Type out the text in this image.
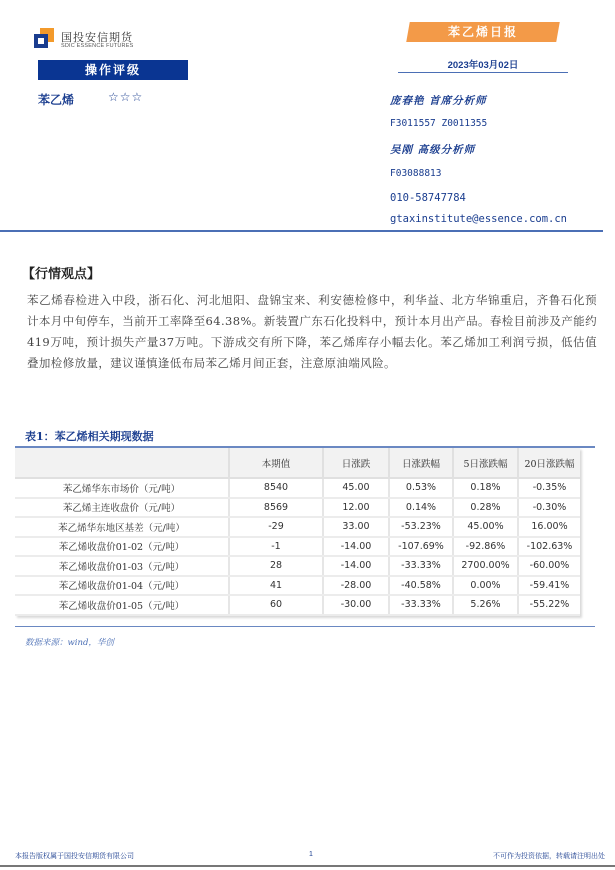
国投安信期货
SDIC ESSENCE FUTURES
操作评级
苯乙烯	☆☆☆
苯乙烯日报
2023年03月02日
庞春艳 首席分析师
F3011557 Z0011355
吴刚 高级分析师
F03088813
010-58747784
gtaxinstitute@essence.com.cn
【行情观点】
苯乙烯春检进入中段，浙石化、河北旭阳、盘锦宝来、利安德检修中，利华益、北方华锦重启，齐鲁石化预计本月中旬停车，当前开工率降至64.38%。新装置广东石化投料中，预计本月出产品。春检目前涉及产能约419万吨，预计损失产量37万吨。下游成交有所下降，苯乙烯库存小幅去化。苯乙烯加工利润亏损，低估值叠加检修放量，建议谨慎逢低布局苯乙烯月间正套，注意原油端风险。
表1：苯乙烯相关期现数据
	本期值	日涨跌	日涨跌幅	5日涨跌幅	20日涨跌幅
苯乙烯华东市场价（元/吨）	8540	45.00	0.53%	0.18%	-0.35%
苯乙烯主连收盘价（元/吨）	8569	12.00	0.14%	0.28%	-0.30%
苯乙烯华东地区基差（元/吨）	-29	33.00	-53.23%	45.00%	16.00%
苯乙烯收盘价01-02（元/吨）	-1	-14.00	-107.69%	-92.86%	-102.63%
苯乙烯收盘价01-03（元/吨）	28	-14.00	-33.33%	2700.00%	-60.00%
苯乙烯收盘价01-04（元/吨）	41	-28.00	-40.58%	0.00%	-59.41%
苯乙烯收盘价01-05（元/吨）	60	-30.00	-33.33%	5.26%	-55.22%
数据来源：wind，华创
本报告版权属于国投安信期货有限公司	1	不可作为投资依据，转载请注明出处
